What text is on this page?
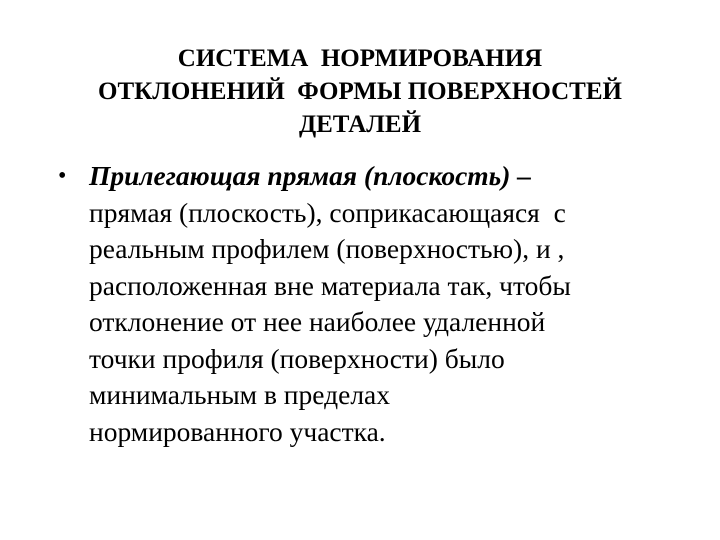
СИСТЕМА  НОРМИРОВАНИЯ
ОТКЛОНЕНИЙ  ФОРМЫ ПОВЕРХНОСТЕЙ
ДЕТАЛЕЙ
• Прилегающая прямая (плоскость) –
прямая (плоскость), соприкасающаяся  с
реальным профилем (поверхностью), и ,
расположенная вне материала так, чтобы
отклонение от нее наиболее удаленной
точки профиля (поверхности) было
минимальным в пределах
нормированного участка.
